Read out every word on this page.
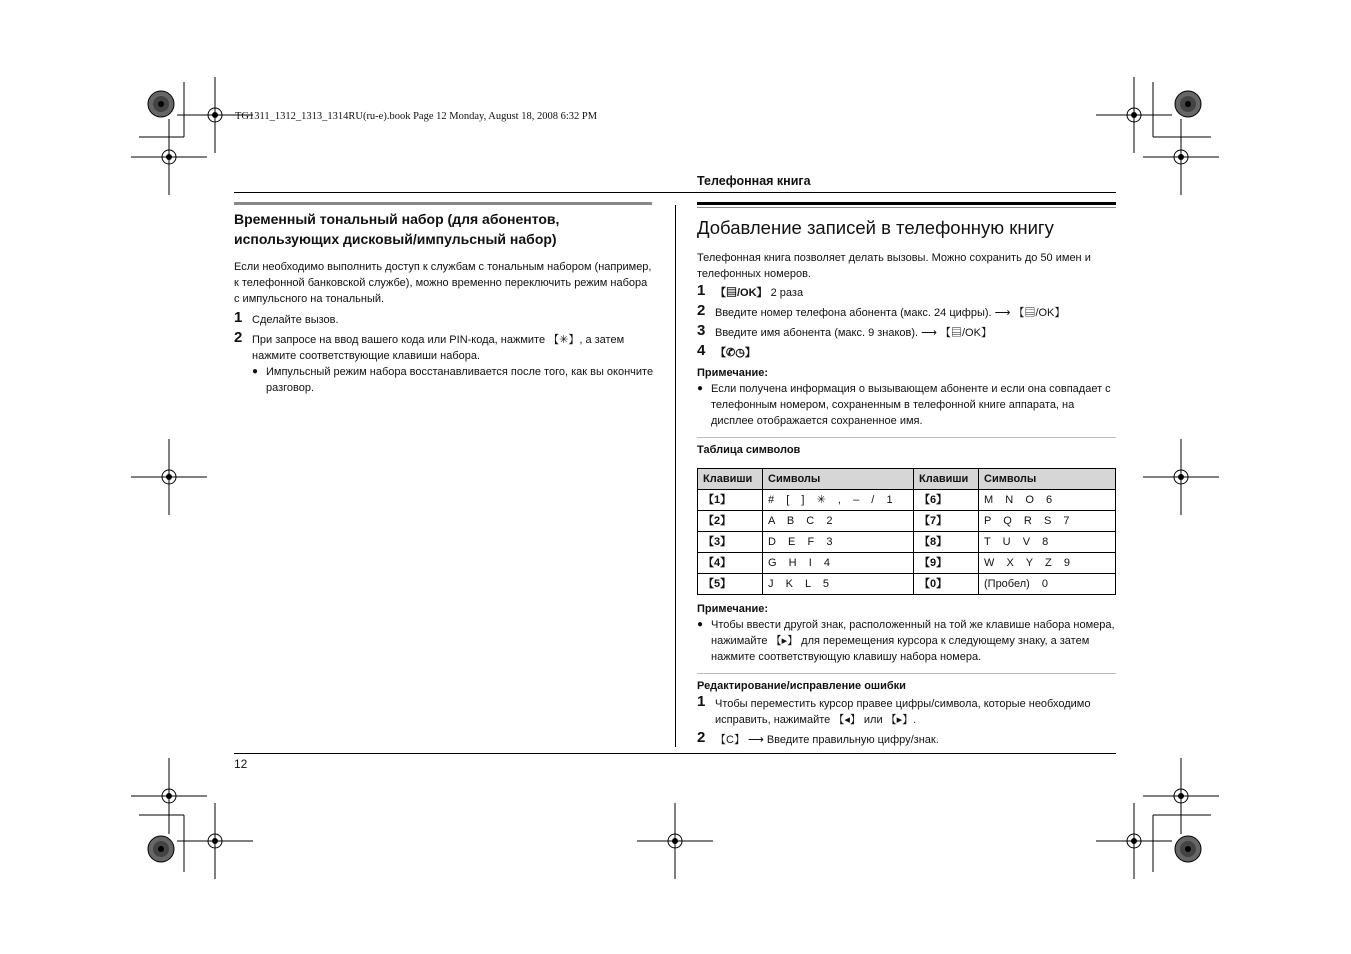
TG1311_1312_1313_1314RU(ru-e).book Page 12 Monday, August 18, 2008 6:32 PM
Телефонная книга
Временный тональный набор (для абонентов, использующих дисковый/импульсный набор)

Если необходимо выполнить доступ к службам с тональным набором (например, к телефонной банковской службе), можно временно переключить режим набора с импульсного на тональный.

1 Сделайте вызов.
2 При запросе на ввод вашего кода или PIN-кода, нажмите 【✳】, а затем нажмите соответствующие клавиши набора.
● Импульсный режим набора восстанавливается после того, как вы окончите разговор.
Добавление записей в телефонную книгу

Телефонная книга позволяет делать вызовы. Можно сохранить до 50 имен и телефонных номеров.

1 【▤/OK】 2 раза
2 Введите номер телефона абонента (макс. 24 цифры). ⟶ 【▤/OK】
3 Введите имя абонента (макс. 9 знаков). ⟶ 【▤/OK】
4 【✆◷】
Примечание:
● Если получена информация о вызывающем абоненте и если она совпадает с телефонным номером, сохраненным в телефонной книге аппарата, на дисплее отображается сохраненное имя.
Таблица символов
Клавиши	Символы	Клавиши	Символы
【1】	#  [  ]  ✳  ,  –  /  1	【6】	M  N  O  6
【2】	A  B  C  2	【7】	P  Q  R  S  7
【3】	D  E  F  3	【8】	T  U  V  8
【4】	G  H  I  4	【9】	W  X  Y  Z  9
【5】	J  K  L  5	【0】	(Пробел)  0
Примечание:
● Чтобы ввести другой знак, расположенный на той же клавише набора номера, нажимайте 【▸】 для перемещения курсора к следующему знаку, а затем нажмите соответствующую клавишу набора номера.
Редактирование/исправление ошибки
1 Чтобы переместить курсор правее цифры/символа, которые необходимо исправить, нажимайте 【◂】 или 【▸】.
2 【C】 ⟶ Введите правильную цифру/знак.
12
